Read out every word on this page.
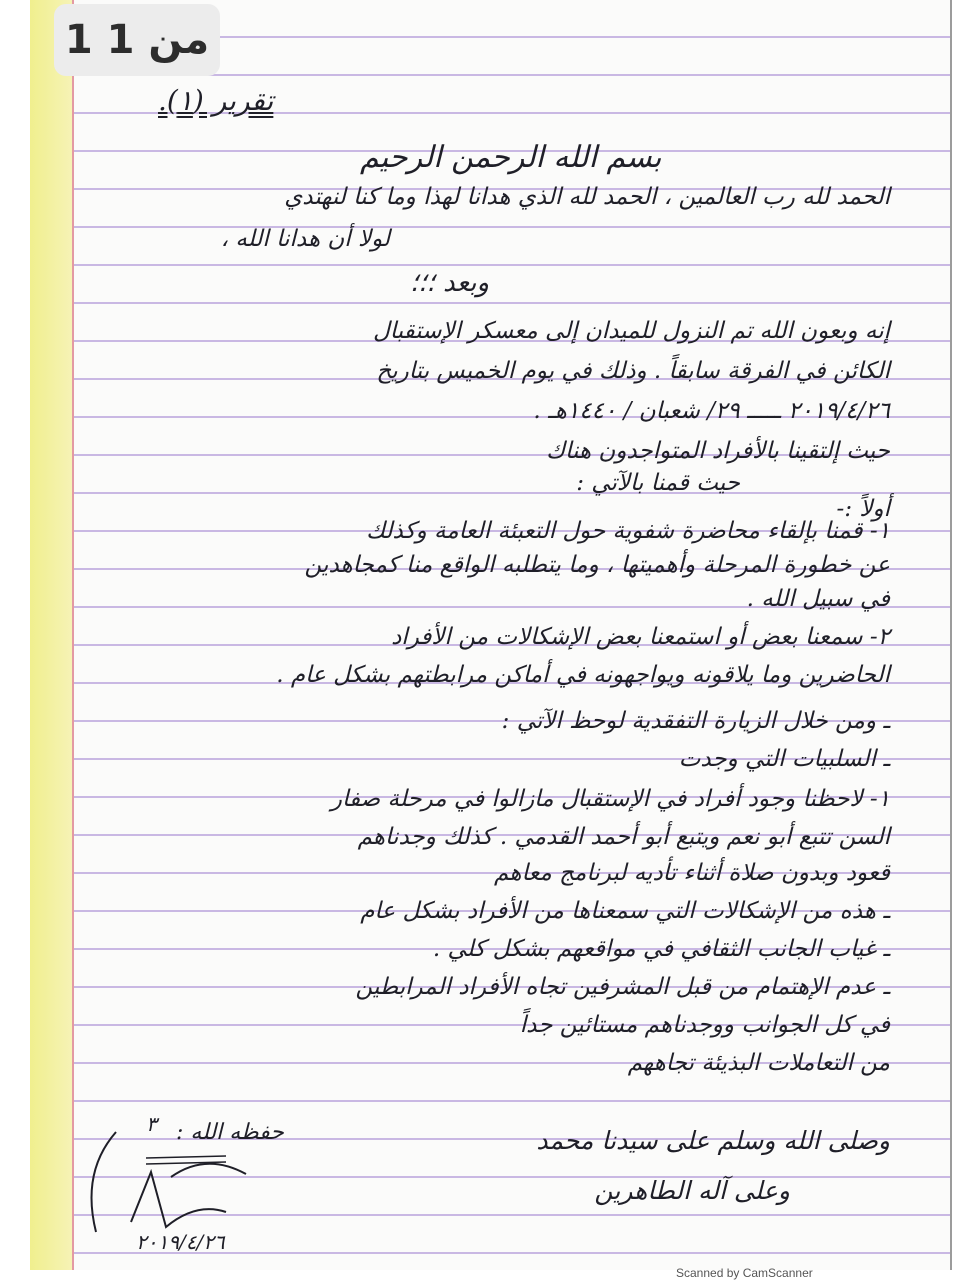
تقرير (١).
بسم الله الرحمن الرحيم
الحمد لله رب العالمين ، الحمد لله الذي هدانا لهذا وما كنا لنهتدي
لولا أن هدانا الله ،
وبعد ؛؛؛
إنه وبعون الله تم النزول للميدان إلى معسكر الإستقبال
الكائن في الفرقة سابقاً . وذلك في يوم الخميس بتاريخ
٢٠١٩/٤/٢٦ ـــــ ٢٩/ شعبان / ١٤٤٠هـ .
حيث إلتقينا بالأفراد المتواجدون هناك
حيث قمنا بالآتي :
أولاً :-
١- قمنا بإلقاء محاضرة شفوية حول التعبئة العامة وكذلك
عن خطورة المرحلة وأهميتها ، وما يتطلبه الواقع منا كمجاهدين
في سبيل الله .
٢- سمعنا بعض أو استمعنا بعض الإشكالات من الأفراد
الحاضرين وما يلاقونه ويواجهونه في أماكن مرابطتهم بشكل عام .
ـ ومن خلال الزيارة التفقدية لوحظ الآتي :
ـ السلبيات التي وجدت
١- لاحظنا وجود أفراد في الإستقبال مازالوا في مرحلة صفار
السن تتبع أبو نعم ويتبع أبو أحمد القدمي . كذلك وجدناهم
قعود وبدون صلاة أثناء تأديه لبرنامج معاهم
ـ هذه من الإشكالات التي سمعناها من الأفراد بشكل عام
ـ غياب الجانب الثقافي في مواقعهم بشكل كلي .
ـ عدم الإهتمام من قبل المشرفين تجاه الأفراد المرابطين
في كل الجوانب ووجدناهم مستائين جداً
من التعاملات البذيئة تجاههم
وصلى الله وسلم على سيدنا محمد
وعلى آله الطاهرين
حفظه الله :
٣
٢٠١٩/٤/٢٦
1 من 1
Scanned by CamScanner
